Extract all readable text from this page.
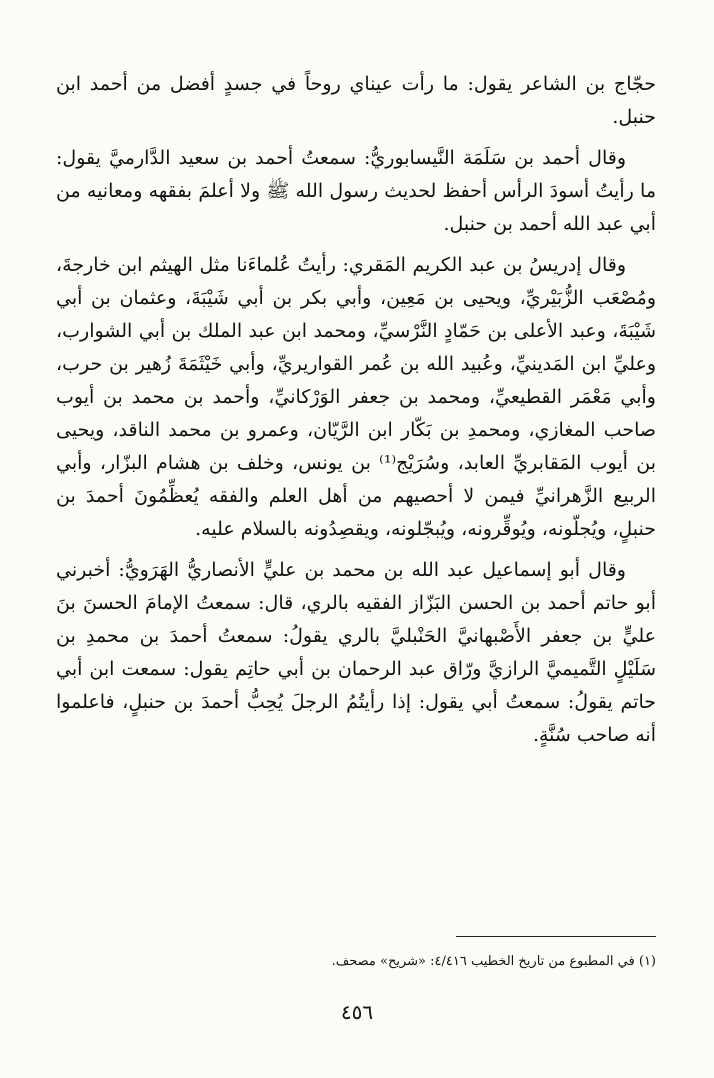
حجّاج بن الشاعر يقول: ما رأت عيناي روحاً في جسدٍ أفضل من أحمد ابن حنبل.

وقال أحمد بن سَلَمَة النَّيسابوريُّ: سمعتُ أحمد بن سعيد الدَّارميَّ يقول: ما رأيتُ أسودَ الرأس أحفظ لحديث رسول الله ﷺ ولا أعلمَ بفقهه ومعانيه من أبي عبد الله أحمد بن حنبل.

وقال إدريسُ بن عبد الكريم المَقري: رأيتُ عُلماءَنا مثل الهيثم ابن خارجةَ، ومُصْعَب الزُّبَيْريِّ، ويحيى بن مَعِين، وأبي بكر بن أبي شَيْبَةَ، وعثمان بن أبي شَيْبَةَ، وعبد الأعلى بن حَمّادٍ النَّرْسيِّ، ومحمد ابن عبد الملك بن أبي الشوارب، وعليِّ ابن المَدينيِّ، وعُبيد الله بن عُمر القواريريِّ، وأبي خَيْثَمَةَ زُهير بن حرب، وأبي مَعْمَر القطيعيِّ، ومحمد بن جعفر الوَرْكانيِّ، وأحمد بن محمد بن أيوب صاحب المغازي، ومحمدِ بن بَكّار ابن الرَّيّان، وعمرو بن محمد الناقد، ويحيى بن أيوب المَقابريِّ العابد، وسُرَيْج⁽¹⁾ بن يونس، وخلف بن هشام البزّار، وأبي الربيع الزَّهرانيِّ فيمن لا أحصيهم من أهل العلم والفقه يُعظِّمُونَ أحمدَ بن حنبلٍ، ويُجلّونه، ويُوقِّرونه، ويُبجّلونه، ويقصِدُونه بالسلام عليه.

وقال أبو إسماعيل عبد الله بن محمد بن عليٍّ الأنصاريُّ الهَرَويُّ: أخبرني أبو حاتم أحمد بن الحسن البَزّاز الفقيه بالري، قال: سمعتُ الإمامَ الحسنَ بنَ عليٍّ بن جعفر الأَصْبهانيَّ الحَنْبليَّ بالري يقولُ: سمعتُ أحمدَ بن محمدِ بن سَلَيْلٍ التَّميميَّ الرازيَّ ورّاق عبد الرحمان بن أبي حاتِم يقول: سمعت ابن أبي حاتم يقولُ: سمعتُ أبي يقول: إذا رأيتُمُ الرجلَ يُحِبُّ أحمدَ بن حنبلٍ، فاعلموا أنه صاحب سُنَّةٍ.

(١) في المطبوع من تاريخ الخطيب ٤/٤١٦: «شريح» مصحف.
٤٥٦
